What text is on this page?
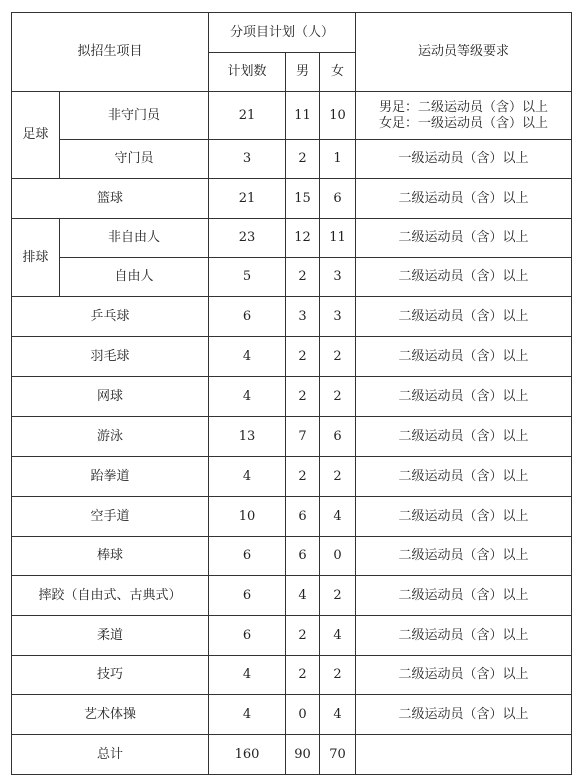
拟招生项目		分项目计划（人）			运动员等级要求
		计划数	男	女	
足球	非守门员	21	11	10	男足：二级运动员（含）以上
女足：一级运动员（含）以上

	守门员	3	2	1	一级运动员（含）以上
篮球		21	15	6	二级运动员（含）以上
排球	非自由人	23	12	11	二级运动员（含）以上
	自由人	5	2	3	二级运动员（含）以上
乒乓球		6	3	3	二级运动员（含）以上
羽毛球		4	2	2	二级运动员（含）以上
网球		4	2	2	二级运动员（含）以上
游泳		13	7	6	二级运动员（含）以上
跆拳道		4	2	2	二级运动员（含）以上
空手道		10	6	4	二级运动员（含）以上
棒球		6	6	0	二级运动员（含）以上
摔跤（自由式、古典式）		6	4	2	二级运动员（含）以上
柔道		6	2	4	二级运动员（含）以上
技巧		4	2	2	二级运动员（含）以上
艺术体操		4	0	4	二级运动员（含）以上
总计		160	90	70	
